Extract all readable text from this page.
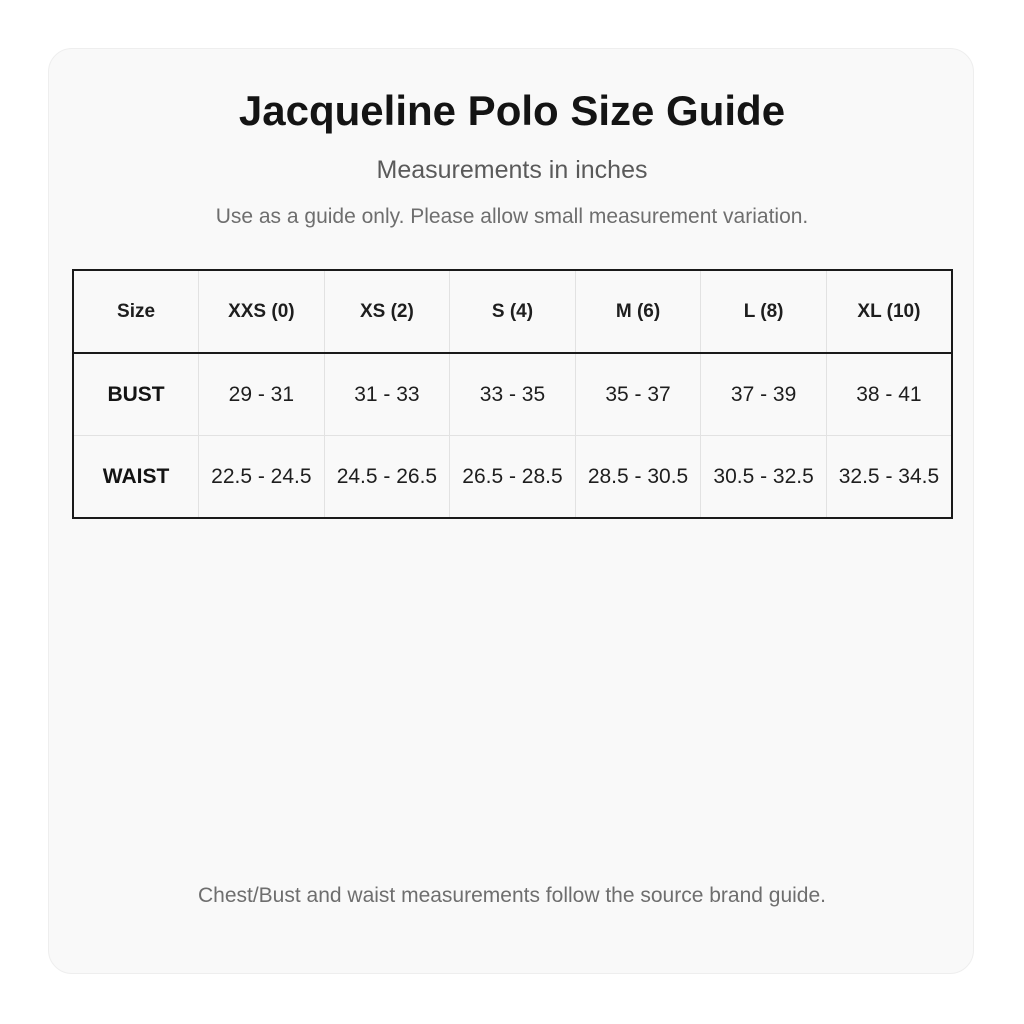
Jacqueline Polo Size Guide
Measurements in inches
Use as a guide only. Please allow small measurement variation.
Size	XXS (0)	XS (2)	S (4)	M (6)	L (8)	XL (10)
BUST	29 - 31	31 - 33	33 - 35	35 - 37	37 - 39	38 - 41
WAIST	22.5 - 24.5	24.5 - 26.5	26.5 - 28.5	28.5 - 30.5	30.5 - 32.5	32.5 - 34.5
Chest/Bust and waist measurements follow the source brand guide.
